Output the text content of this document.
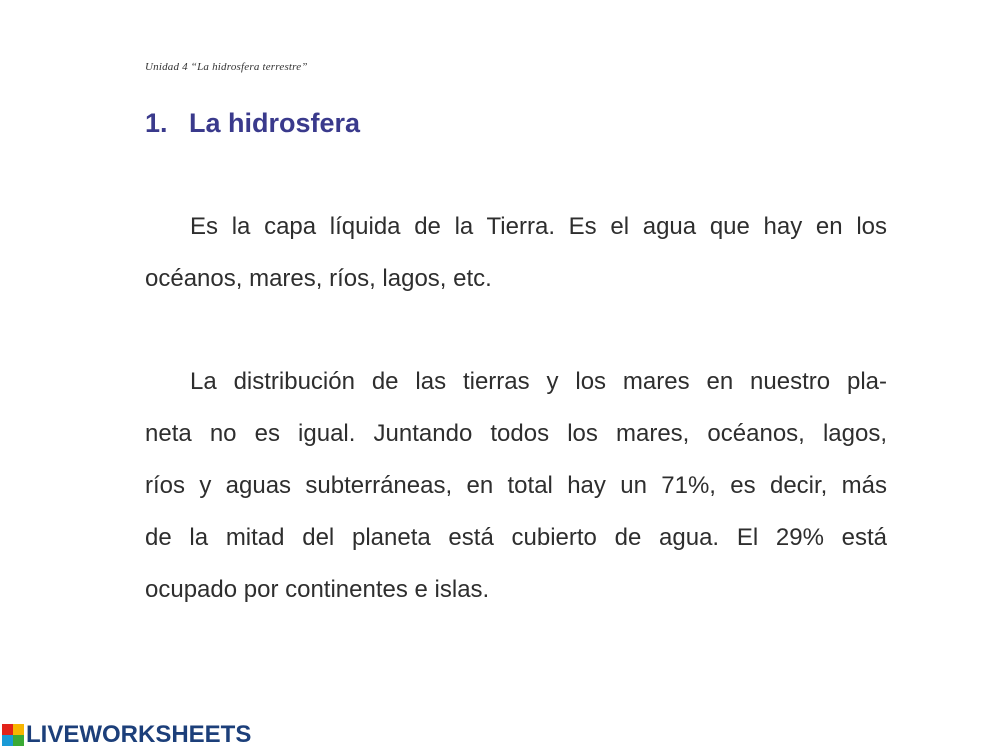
Unidad 4 “La hidrosfera terrestre”
1. La hidrosfera
Es la capa líquida de la Tierra. Es el agua que hay en los
océanos, mares, ríos, lagos, etc.
La distribución de las tierras y los mares en nuestro pla-
neta no es igual. Juntando todos los mares, océanos, lagos,
ríos y aguas subterráneas, en total hay un 71%, es decir, más
de la mitad del planeta está cubierto de agua. El 29% está
ocupado por continentes e islas.
LIVEWORKSHEETS
